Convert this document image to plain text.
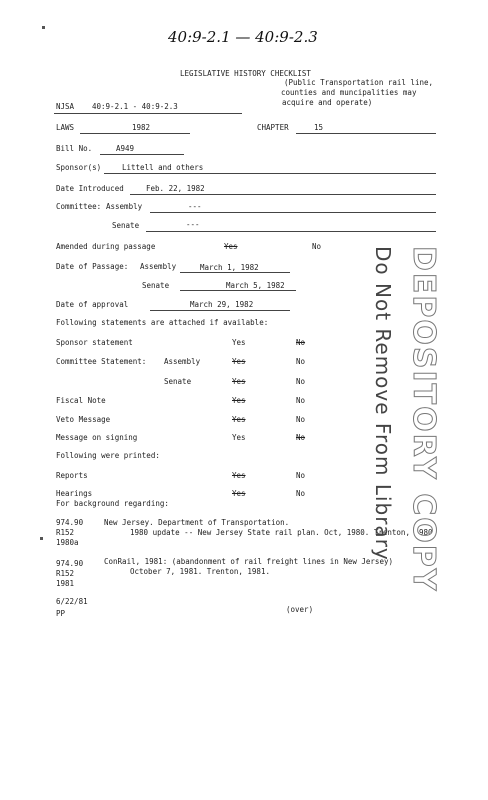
40:9-2.1 — 40:9-2.3
LEGISLATIVE HISTORY CHECKLIST
(Public Transportation rail line,
counties and muncipalities may
acquire and operate)
NJSA 40:9-2.1 - 40:9-2.3
LAWS	1982	CHAPTER	15
Bill No.	A949
Sponsor(s)	Littell and others
Date Introduced	Feb. 22, 1982
Committee: Assembly	---
Senate	---
Amended during passage	Yes	No
Date of Passage: Assembly	March 1, 1982
Senate	March 5, 1982
Date of approval	March 29, 1982
Following statements are attached if available:
Sponsor statement	Yes	No
Committee Statement: Assembly	Yes	No
Senate	Yes	No
Fiscal Note	Yes	No
Veto Message	Yes	No
Message on signing	Yes	No
Following were printed:
Reports	Yes	No
Hearings	Yes	No
For background regarding:
974.90
R152
1980a
New Jersey. Department of Transportation.
1980 update -- New Jersey State rail plan. Oct, 1980. Trenton, 1980.
974.90
R152
1981
ConRail, 1981: (abandonment of rail freight lines in New Jersey)
October 7, 1981. Trenton, 1981.
6/22/81
PP	(over)
DEPOSITORY COPY
Do Not Remove From Library
